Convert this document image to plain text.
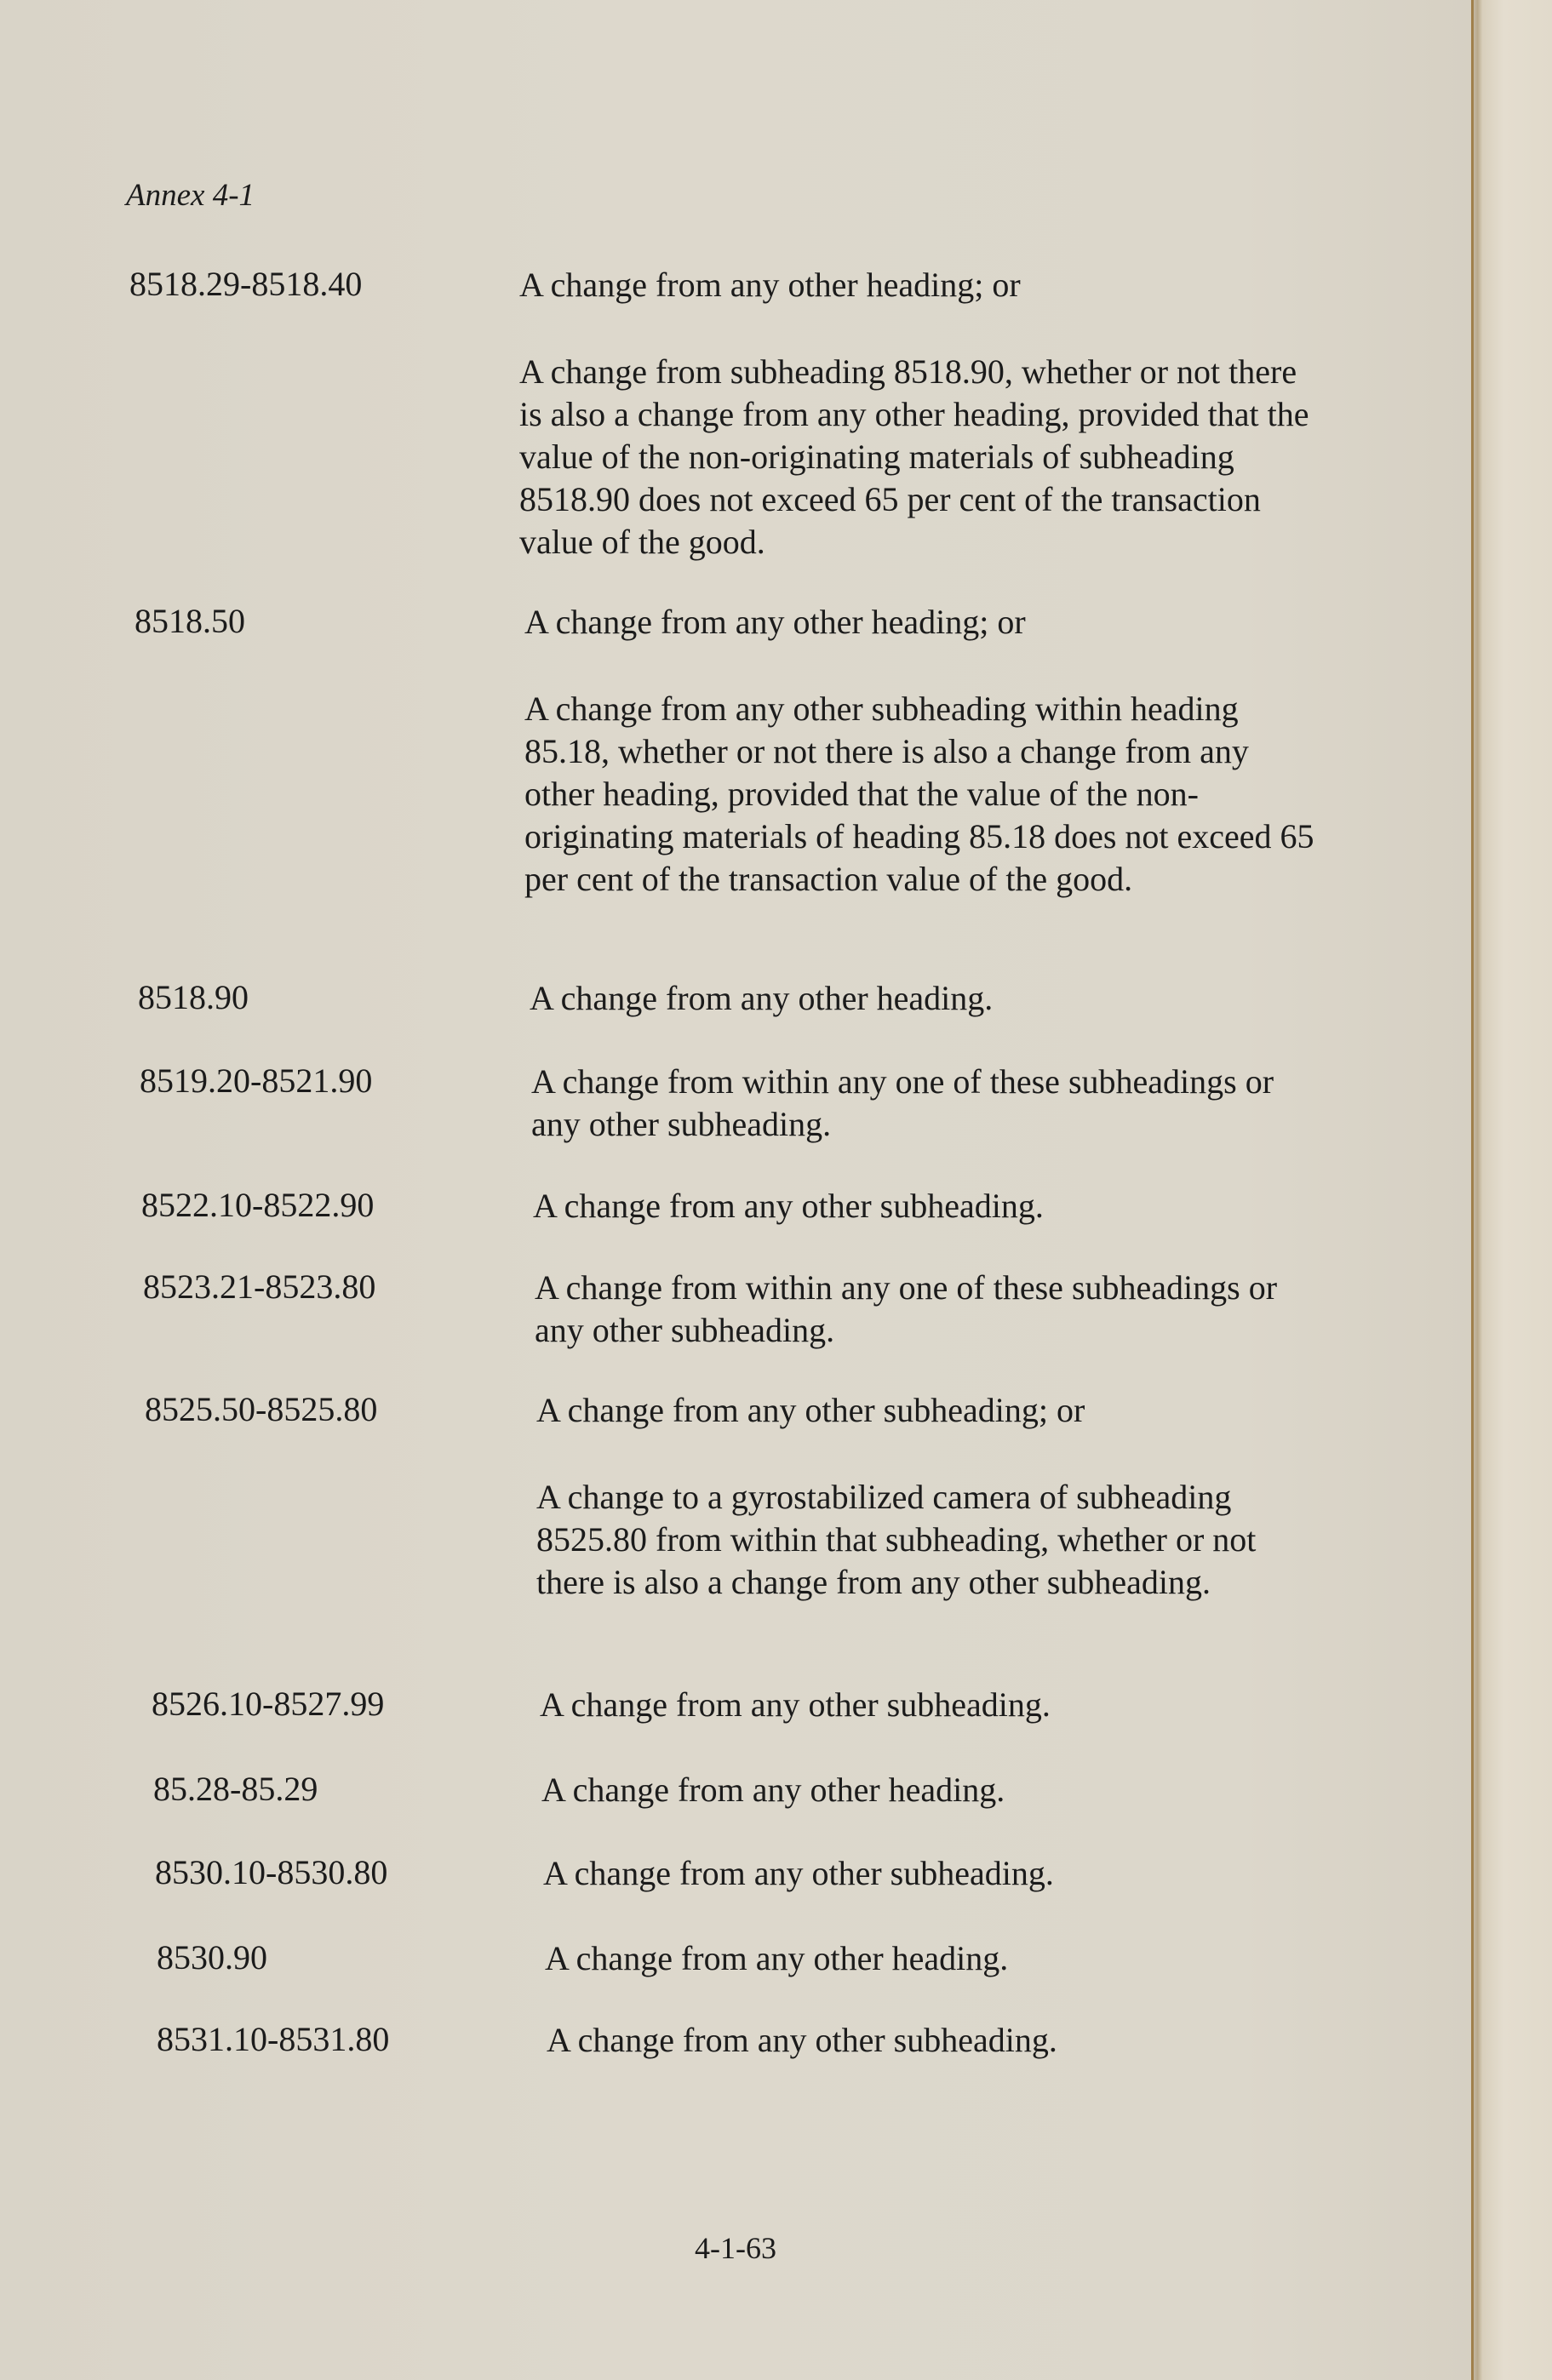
Annex 4-1
8518.29-8518.40	A change from any other heading; or

A change from subheading 8518.90, whether or not there is also a change from any other heading, provided that the value of the non-originating materials of subheading 8518.90 does not exceed 65 per cent of the transaction value of the good.

8518.50	A change from any other heading; or

A change from any other subheading within heading 85.18, whether or not there is also a change from any other heading, provided that the value of the non-originating materials of heading 85.18 does not exceed 65 per cent of the transaction value of the good.

8518.90	A change from any other heading.

8519.20-8521.90	A change from within any one of these subheadings or any other subheading.

8522.10-8522.90	A change from any other subheading.

8523.21-8523.80	A change from within any one of these subheadings or any other subheading.

8525.50-8525.80	A change from any other subheading; or

A change to a gyrostabilized camera of subheading 8525.80 from within that subheading, whether or not there is also a change from any other subheading.

8526.10-8527.99	A change from any other subheading.

85.28-85.29	A change from any other heading.

8530.10-8530.80	A change from any other subheading.

8530.90	A change from any other heading.

8531.10-8531.80	A change from any other subheading.

4-1-63
